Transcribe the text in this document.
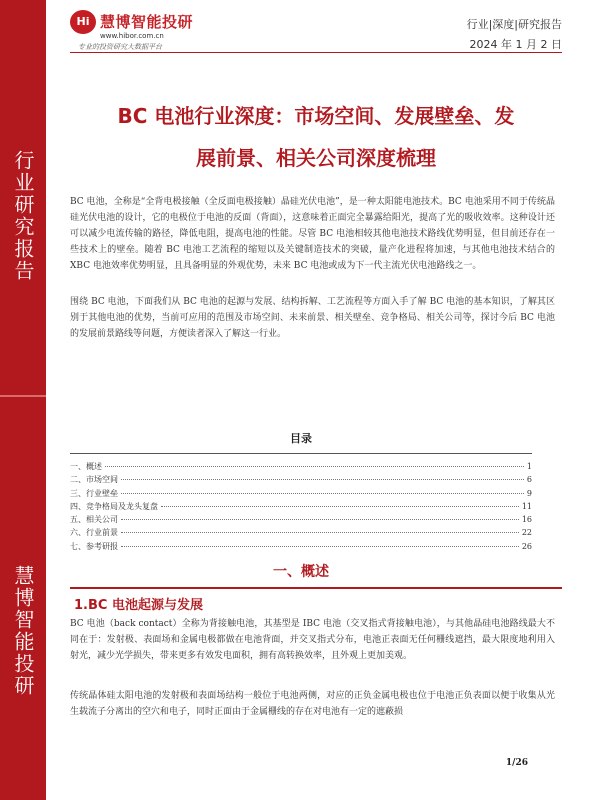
行业研究报告
慧博智能投研
Hi 慧博智能投研
www.hibor.com.cn
专业的投资研究大数据平台
行业|深度|研究报告
2024 年 1 月 2 日
BC 电池行业深度：市场空间、发展壁垒、发
展前景、相关公司深度梳理
BC 电池，全称是“全背电极接触（全反面电极接触）晶硅光伏电池”，是一种太阳能电池技术。BC 电池采用不同于传统晶硅光伏电池的设计，它的电极位于电池的反面（背面），这意味着正面完全暴露给阳光，提高了光的吸收效率。这种设计还可以减少电流传输的路径，降低电阻，提高电池的性能。尽管 BC 电池相较其他电池技术路线优势明显，但目前还存在一些技术上的壁垒。随着 BC 电池工艺流程的缩短以及关键制造技术的突破，量产化进程将加速，与其他电池技术结合的 XBC 电池效率优势明显，且具备明显的外观优势，未来 BC 电池或成为下一代主流光伏电池路线之一。
围绕 BC 电池，下面我们从 BC 电池的起源与发展、结构拆解、工艺流程等方面入手了解 BC 电池的基本知识，了解其区别于其他电池的优势，当前可应用的范围及市场空间、未来前景、相关壁垒、竞争格局、相关公司等，探讨今后 BC 电池的发展前景路线等问题，方便读者深入了解这一行业。
目录
一、概述	1
二、市场空间	6
三、行业壁垒	9
四、竞争格局及龙头复盘	11
五、相关公司	16
六、行业前景	22
七、参考研报	26
一、概述
1.BC 电池起源与发展
BC 电池（back contact）全称为背接触电池，其基型是 IBC 电池（交叉指式背接触电池），与其他晶硅电池路线最大不同在于：发射极、表面场和金属电极都做在电池背面，并交叉指式分布，电池正表面无任何栅线遮挡，最大限度地利用入射光，减少光学损失，带来更多有效发电面积，拥有高转换效率，且外观上更加美观。
传统晶体硅太阳电池的发射极和表面场结构一般位于电池两侧，对应的正负金属电极也位于电池正负表面以便于收集从光生载流子分离出的空穴和电子，同时正面由于金属栅线的存在对电池有一定的遮蔽损
1/26
